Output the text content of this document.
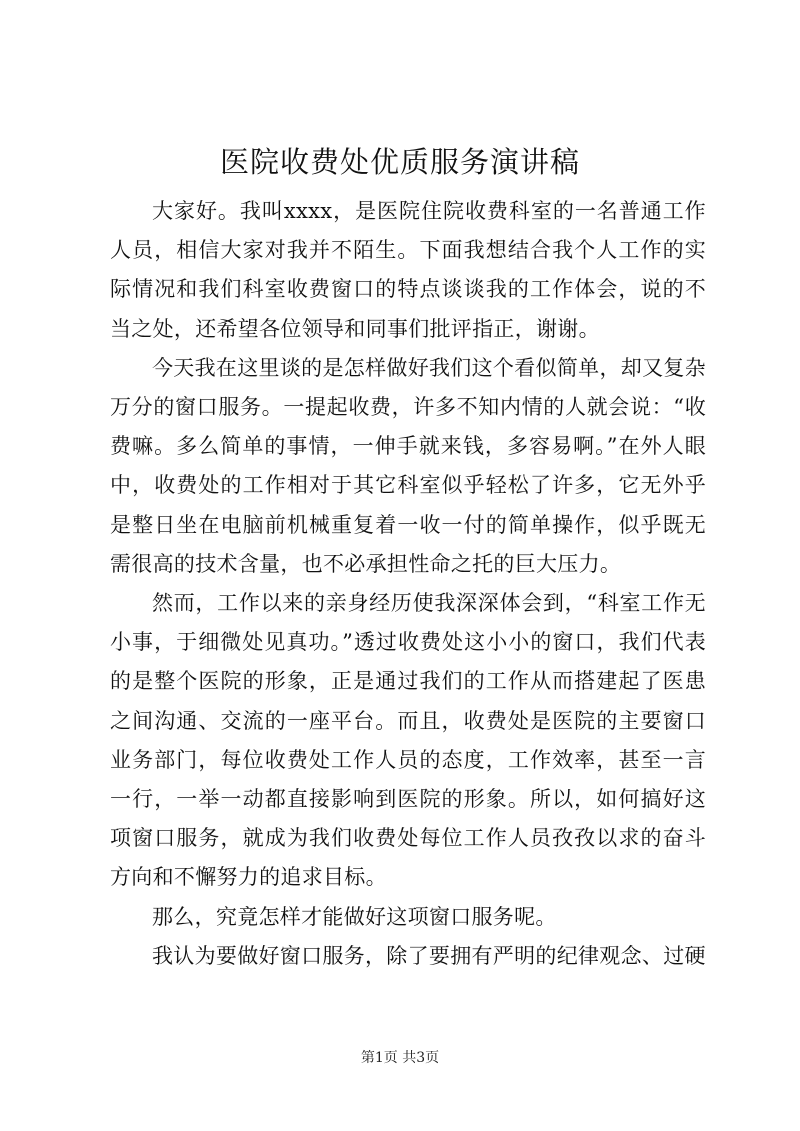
医院收费处优质服务演讲稿

大家好。我叫xxxx，是医院住院收费科室的一名普通工作人员，相信大家对我并不陌生。下面我想结合我个人工作的实际情况和我们科室收费窗口的特点谈谈我的工作体会，说的不当之处，还希望各位领导和同事们批评指正，谢谢。

今天我在这里谈的是怎样做好我们这个看似简单，却又复杂万分的窗口服务。一提起收费，许多不知内情的人就会说：“收费嘛。多么简单的事情，一伸手就来钱，多容易啊。”在外人眼中，收费处的工作相对于其它科室似乎轻松了许多，它无外乎是整日坐在电脑前机械重复着一收一付的简单操作，似乎既无需很高的技术含量，也不必承担性命之托的巨大压力。

然而，工作以来的亲身经历使我深深体会到，“科室工作无小事，于细微处见真功。”透过收费处这小小的窗口，我们代表的是整个医院的形象，正是通过我们的工作从而搭建起了医患之间沟通、交流的一座平台。而且，收费处是医院的主要窗口业务部门，每位收费处工作人员的态度，工作效率，甚至一言一行，一举一动都直接影响到医院的形象。所以，如何搞好这项窗口服务，就成为我们收费处每位工作人员孜孜以求的奋斗方向和不懈努力的追求目标。

那么，究竟怎样才能做好这项窗口服务呢。

我认为要做好窗口服务，除了要拥有严明的纪律观念、过硬

第1页 共3页
